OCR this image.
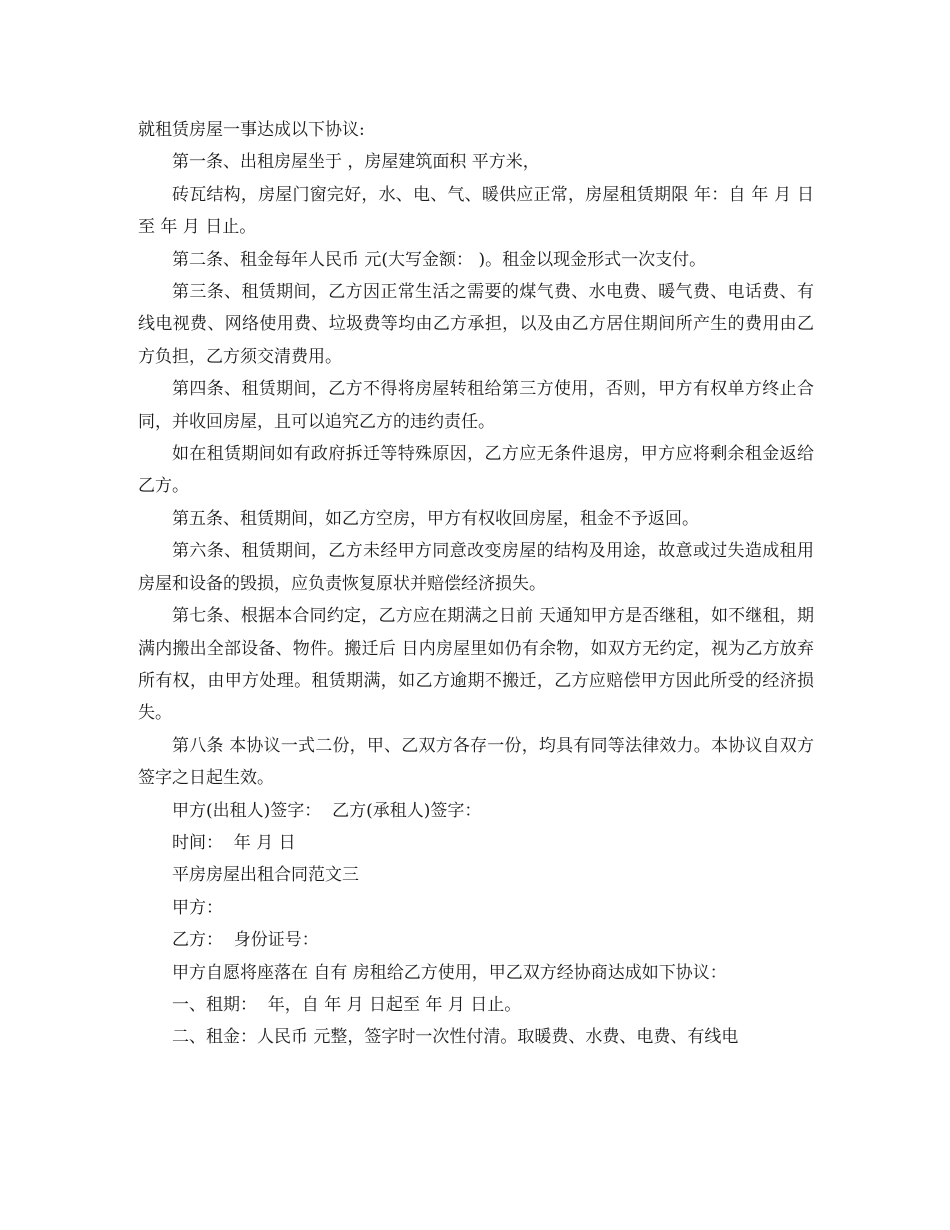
就租赁房屋一事达成以下协议:

第一条、出租房屋坐于 ，房屋建筑面积 平方米，

砖瓦结构，房屋门窗完好，水、电、气、暖供应正常，房屋租赁期限 年：自 年 月 日至 年 月 日止。

第二条、租金每年人民币 元(大写金额： )。租金以现金形式一次支付。

第三条、租赁期间，乙方因正常生活之需要的煤气费、水电费、暖气费、电话费、有线电视费、网络使用费、垃圾费等均由乙方承担，以及由乙方居住期间所产生的费用由乙方负担，乙方须交清费用。

第四条、租赁期间，乙方不得将房屋转租给第三方使用，否则，甲方有权单方终止合同，并收回房屋，且可以追究乙方的违约责任。

如在租赁期间如有政府拆迁等特殊原因，乙方应无条件退房，甲方应将剩余租金返给乙方。

第五条、租赁期间，如乙方空房，甲方有权收回房屋，租金不予返回。

第六条、租赁期间，乙方未经甲方同意改变房屋的结构及用途，故意或过失造成租用房屋和设备的毁损，应负责恢复原状并赔偿经济损失。

第七条、根据本合同约定，乙方应在期满之日前 天通知甲方是否继租，如不继租，期满内搬出全部设备、物件。搬迁后 日内房屋里如仍有余物，如双方无约定，视为乙方放弃所有权，由甲方处理。租赁期满，如乙方逾期不搬迁，乙方应赔偿甲方因此所受的经济损失。

第八条 本协议一式二份，甲、乙双方各存一份，均具有同等法律效力。本协议自双方签字之日起生效。

甲方(出租人)签字：  乙方(承租人)签字：

时间：  年 月 日

平房房屋出租合同范文三

甲方：

乙方：  身份证号：

甲方自愿将座落在 自有 房租给乙方使用，甲乙双方经协商达成如下协议：

一、租期：  年，自 年 月 日起至 年 月 日止。

二、租金：人民币 元整，签字时一次性付清。取暖费、水费、电费、有线电
